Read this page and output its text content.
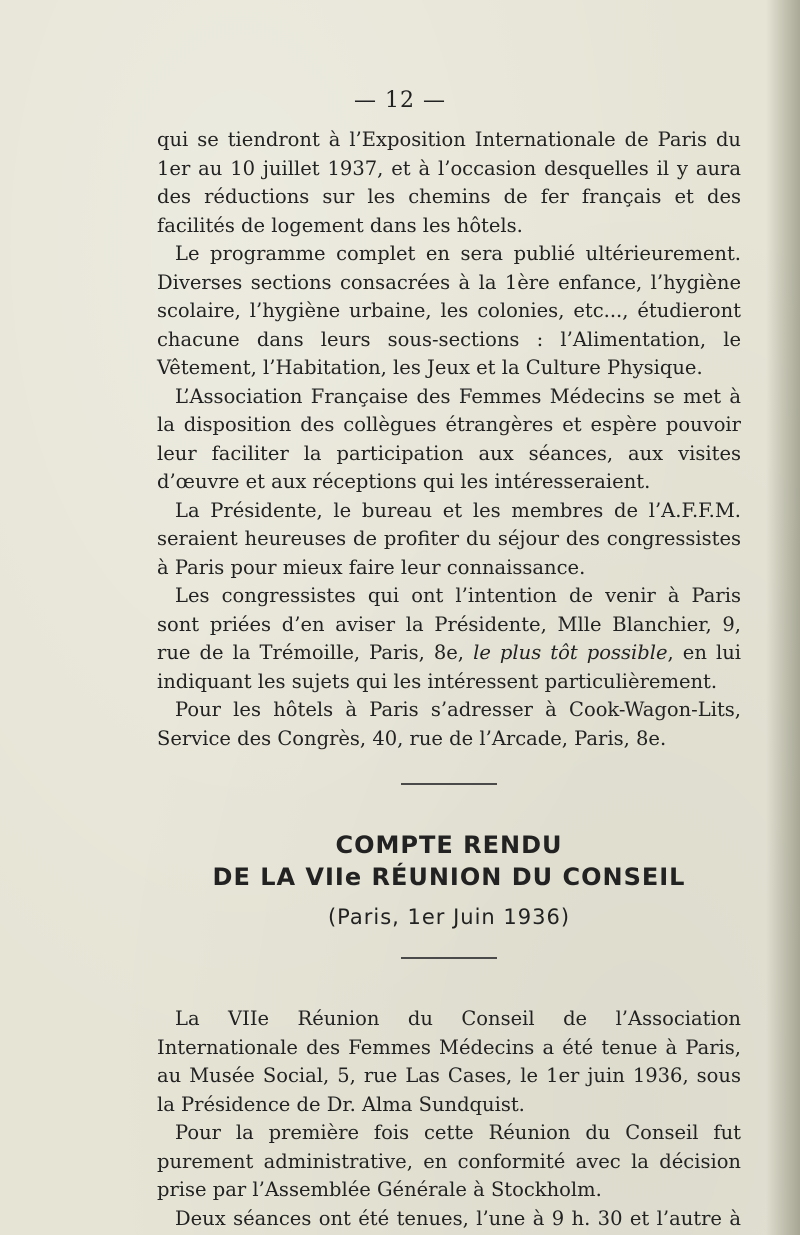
— 12 —

qui se tiendront à l’Exposition Internationale de Paris du 1er au 10 juillet 1937, et à l’occasion desquelles il y aura des réductions sur les chemins de fer français et des facilités de logement dans les hôtels.

Le programme complet en sera publié ultérieurement. Diverses sections consacrées à la 1ère enfance, l’hygiène scolaire, l’hygiène urbaine, les colonies, etc..., étudieront chacune dans leurs sous-sections : l’Alimentation, le Vêtement, l’Habitation, les Jeux et la Culture Physique.

L’Association Française des Femmes Médecins se met à la disposition des collègues étrangères et espère pouvoir leur faciliter la participation aux séances, aux visites d’œuvre et aux réceptions qui les intéresseraient.

La Présidente, le bureau et les membres de l’A.F.F.M. seraient heureuses de profiter du séjour des congressistes à Paris pour mieux faire leur connaissance.

Les congressistes qui ont l’intention de venir à Paris sont priées d’en aviser la Présidente, Mlle Blanchier, 9, rue de la Trémoille, Paris, 8e, le plus tôt possible, en lui indiquant les sujets qui les intéressent particulièrement.

Pour les hôtels à Paris s’adresser à Cook-Wagon-Lits, Service des Congrès, 40, rue de l’Arcade, Paris, 8e.

COMPTE RENDU
DE LA VIIe RÉUNION DU CONSEIL
(Paris, 1er Juin 1936)

La VIIe Réunion du Conseil de l’Association Internationale des Femmes Médecins a été tenue à Paris, au Musée Social, 5, rue Las Cases, le 1er juin 1936, sous la Présidence de Dr. Alma Sundquist.

Pour la première fois cette Réunion du Conseil fut purement administrative, en conformité avec la décision prise par l’Assemblée Générale à Stockholm.

Deux séances ont été tenues, l’une à 9 h. 30 et l’autre à
